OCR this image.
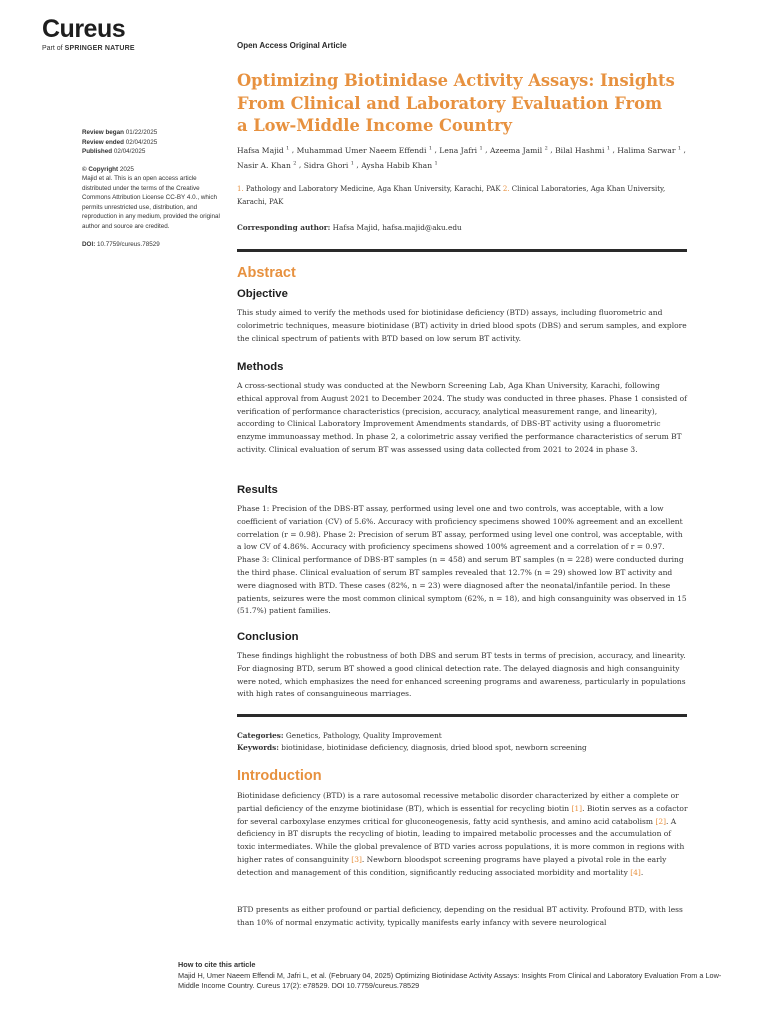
Cureus
Part of SPRINGER NATURE	Open Access Original Article
Optimizing Biotinidase Activity Assays: Insights From Clinical and Laboratory Evaluation From a Low-Middle Income Country
Review began 01/22/2025
Review ended 02/04/2025
Published 02/04/2025
© Copyright 2025
Majid et al. This is an open access article distributed under the terms of the Creative Commons Attribution License CC-BY 4.0., which permits unrestricted use, distribution, and reproduction in any medium, provided the original author and source are credited.
DOI: 10.7759/cureus.78529
Hafsa Majid $^1$ , Muhammad Umer Naeem Effendi $^1$ , Lena Jafri $^1$ , Azeema Jamil $^2$ , Bilal Hashmi $^1$ , Halima Sarwar $^1$ , Nasir A. Khan $^2$ , Sidra Ghori $^1$ , Aysha Habib Khan $^1$
1. Pathology and Laboratory Medicine, Aga Khan University, Karachi, PAK 2. Clinical Laboratories, Aga Khan University, Karachi, PAK
Corresponding author: Hafsa Majid, hafsa.majid@aku.edu
Abstract
Objective

This study aimed to verify the methods used for biotinidase deficiency (BTD) assays, including fluorometric and colorimetric techniques, measure biotinidase (BT) activity in dried blood spots (DBS) and serum samples, and explore the clinical spectrum of patients with BTD based on low serum BT activity.

Methods

A cross-sectional study was conducted at the Newborn Screening Lab, Aga Khan University, Karachi, following ethical approval from August 2021 to December 2024. The study was conducted in three phases. Phase 1 consisted of verification of performance characteristics (precision, accuracy, analytical measurement range, and linearity), according to Clinical Laboratory Improvement Amendments standards, of DBS-BT activity using a fluorometric enzyme immunoassay method. In phase 2, a colorimetric assay verified the performance characteristics of serum BT activity. Clinical evaluation of serum BT was assessed using data collected from 2021 to 2024 in phase 3.

Results

Phase 1: Precision of the DBS-BT assay, performed using level one and two controls, was acceptable, with a low coefficient of variation (CV) of 5.6%. Accuracy with proficiency specimens showed 100% agreement and an excellent correlation (r = 0.98). Phase 2: Precision of serum BT assay, performed using level one control, was acceptable, with a low CV of 4.86%. Accuracy with proficiency specimens showed 100% agreement and a correlation of r = 0.97. Phase 3: Clinical performance of DBS-BT samples (n = 458) and serum BT samples (n = 228) were conducted during the third phase. Clinical evaluation of serum BT samples revealed that 12.7% (n = 29) showed low BT activity and were diagnosed with BTD. These cases (82%, n = 23) were diagnosed after the neonatal/infantile period. In these patients, seizures were the most common clinical symptom (62%, n = 18), and high consanguinity was observed in 15 (51.7%) patient families.

Conclusion

These findings highlight the robustness of both DBS and serum BT tests in terms of precision, accuracy, and linearity. For diagnosing BTD, serum BT showed a good clinical detection rate. The delayed diagnosis and high consanguinity were noted, which emphasizes the need for enhanced screening programs and awareness, particularly in populations with high rates of consanguineous marriages.

Categories: Genetics, Pathology, Quality Improvement
Keywords: biotinidase, biotinidase deficiency, diagnosis, dried blood spot, newborn screening
Introduction

Biotinidase deficiency (BTD) is a rare autosomal recessive metabolic disorder characterized by either a complete or partial deficiency of the enzyme biotinidase (BT), which is essential for recycling biotin [1]. Biotin serves as a cofactor for several carboxylase enzymes critical for gluconeogenesis, fatty acid synthesis, and amino acid catabolism [2]. A deficiency in BT disrupts the recycling of biotin, leading to impaired metabolic processes and the accumulation of toxic intermediates. While the global prevalence of BTD varies across populations, it is more common in regions with higher rates of consanguinity [3]. Newborn bloodspot screening programs have played a pivotal role in the early detection and management of this condition, significantly reducing associated morbidity and mortality [4].

BTD presents as either profound or partial deficiency, depending on the residual BT activity. Profound BTD, with less than 10% of normal enzymatic activity, typically manifests early infancy with severe neurological

How to cite this article
Majid H, Umer Naeem Effendi M, Jafri L, et al. (February 04, 2025) Optimizing Biotinidase Activity Assays: Insights From Clinical and Laboratory Evaluation From a Low-Middle Income Country. Cureus 17(2): e78529. DOI 10.7759/cureus.78529
